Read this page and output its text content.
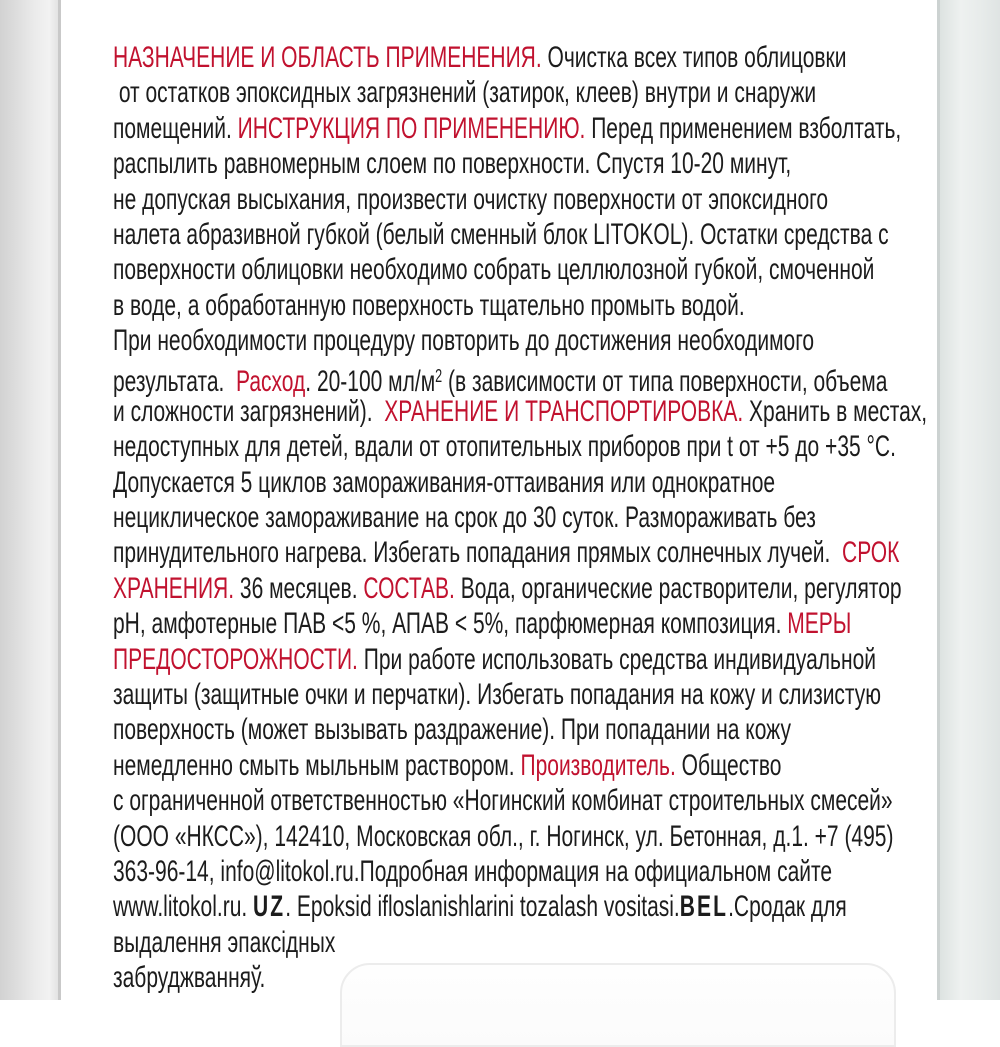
НАЗНАЧЕНИЕ И ОБЛАСТЬ ПРИМЕНЕНИЯ. Очистка всех типов облицовки
от остатков эпоксидных загрязнений (затирок, клеев) внутри и снаружи
помещений. ИНСТРУКЦИЯ ПО ПРИМЕНЕНИЮ. Перед применением взболтать,
распылить равномерным слоем по поверхности. Спустя 10-20 минут,
не допуская высыхания, произвести очистку поверхности от эпоксидного
налета абразивной губкой (белый сменный блок LITOKOL). Остатки средства с
поверхности облицовки необходимо собрать целлюлозной губкой, смоченной
в воде, а обработанную поверхность тщательно промыть водой.
При необходимости процедуру повторить до достижения необходимого
результата.  Расход. 20-100 $мл/м^2$ (в зависимости от типа поверхности, объема
и сложности загрязнений).  ХРАНЕНИЕ И ТРАНСПОРТИРОВКА. Хранить в местах,
недоступных для детей, вдали от отопительных приборов при t от +5 до +35 °С.
Допускается 5 циклов замораживания-оттаивания или однократное
нециклическое замораживание на срок до 30 суток. Размораживать без
принудительного нагрева. Избегать попадания прямых солнечных лучей.  СРОК
ХРАНЕНИЯ. 36 месяцев. СОСТАВ. Вода, органические растворители, регулятор
pH, амфотерные ПАВ <5 %, АПАВ < 5%, парфюмерная композиция. МЕРЫ
ПРЕДОСТОРОЖНОСТИ. При работе использовать средства индивидуальной
защиты (защитные очки и перчатки). Избегать попадания на кожу и слизистую
поверхность (может вызывать раздражение). При попадании на кожу
немедленно смыть мыльным раствором. Производитель. Общество
с ограниченной ответственностью «Ногинский комбинат строительных смесей»
(ООО «НКСС»), 142410, Московская обл., г. Ногинск, ул. Бетонная, д.1. +7 (495)
363-96-14, info@litokol.ru.Подробная информация на официальном сайте
www.litokol.ru. UZ. Epoksid ifloslanishlarini tozalash vositasi.BEL.Сродак для
выдалення эпаксідных
забруджванняў.
